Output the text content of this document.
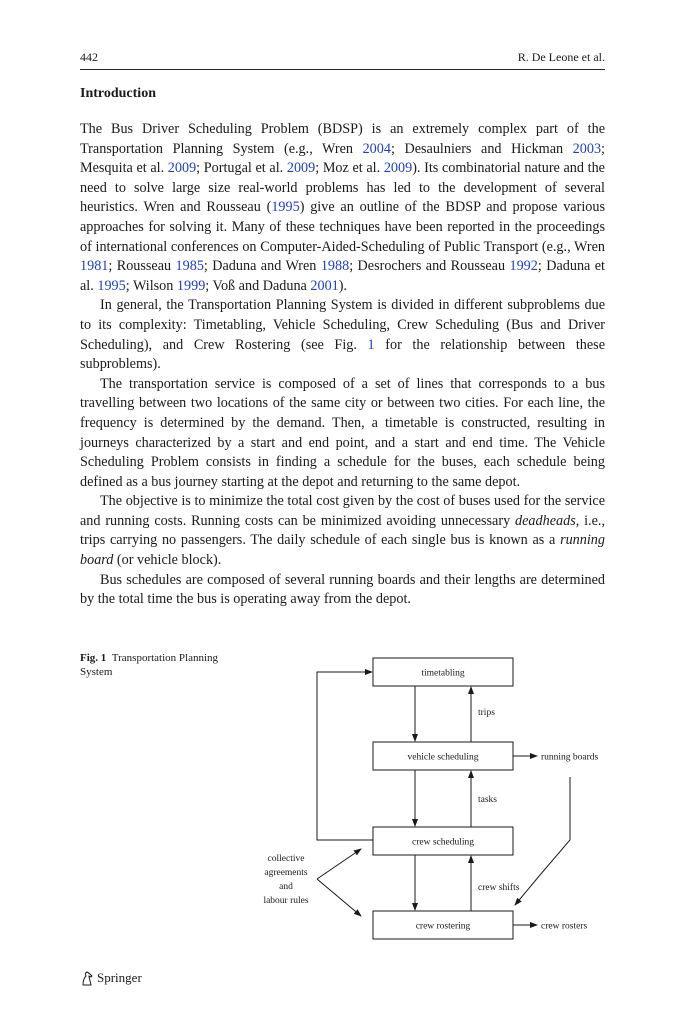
442	R. De Leone et al.
Introduction

The Bus Driver Scheduling Problem (BDSP) is an extremely complex part of the Transportation Planning System (e.g., Wren 2004; Desaulniers and Hickman 2003; Mesquita et al. 2009; Portugal et al. 2009; Moz et al. 2009). Its combinatorial nature and the need to solve large size real-world problems has led to the development of several heuristics. Wren and Rousseau (1995) give an outline of the BDSP and propose various approaches for solving it. Many of these techniques have been reported in the proceedings of international conferences on Computer-Aided-Scheduling of Public Transport (e.g., Wren 1981; Rousseau 1985; Daduna and Wren 1988; Desrochers and Rousseau 1992; Daduna et al. 1995; Wilson 1999; Voß and Daduna 2001).

In general, the Transportation Planning System is divided in different subproblems due to its complexity: Timetabling, Vehicle Scheduling, Crew Scheduling (Bus and Driver Scheduling), and Crew Rostering (see Fig. 1 for the relationship between these subproblems).

The transportation service is composed of a set of lines that corresponds to a bus travelling between two locations of the same city or between two cities. For each line, the frequency is determined by the demand. Then, a timetable is constructed, resulting in journeys characterized by a start and end point, and a start and end time. The Vehicle Scheduling Problem consists in finding a schedule for the buses, each schedule being defined as a bus journey starting at the depot and returning to the same depot.

The objective is to minimize the total cost given by the cost of buses used for the service and running costs. Running costs can be minimized avoiding unnecessary deadheads, i.e., trips carrying no passengers. The daily schedule of each single bus is known as a running board (or vehicle block).

Bus schedules are composed of several running boards and their lengths are determined by the total time the bus is operating away from the depot.

Fig. 1 Transportation Planning System	timetabling
vehicle scheduling
crew scheduling
crew rostering
trips
tasks
crew shifts
running boards
crew rosters
collective
agreements
and
labour rules
Springer
